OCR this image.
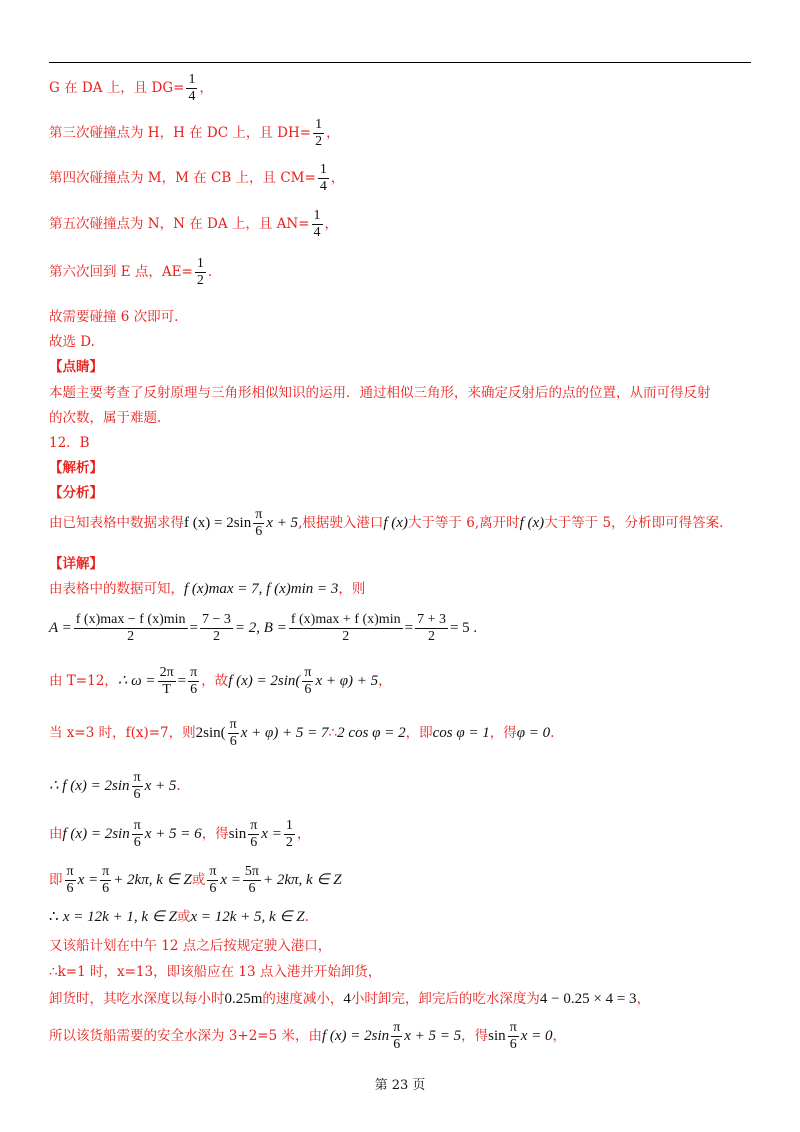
G 在 DA 上，且 $DG= \frac{1}{4}$ ，
第三次碰撞点为 H，H 在 DC 上，且 $DH= \frac{1}{2}$ ，
第四次碰撞点为 M，M 在 CB 上，且 $CM= \frac{1}{4}$ ，
第五次碰撞点为 N，N 在 DA 上，且 $AN= \frac{1}{4}$ ，
第六次回到 E 点，$AE= \frac{1}{2}$ .
故需要碰撞 6 次即可.
故选 D.
【点睛】
本题主要考查了反射原理与三角形相似知识的运用．通过相似三角形，来确定反射后的点的位置，从而可得反射
的次数，属于难题.
12．B
【解析】
【分析】
由已知表格中数据求得f $(x) = 2\sin \frac{\pi}{6}$ x + 5,根据驶入港口f (x)大于等于 6,离开时f (x)大于等于 5，分析即可得答案.
【详解】
由表格中的数据可知，f (x)max = 7, f (x)min = 3，则
$A = \frac{f (x)\max - f (x)\min}{2} = \frac{7 - 3}{2} = 2$, $B = \frac{f (x)\max + f (x)\min}{2} = \frac{7 + 3}{2} = 5$ .
由 T=12，∴ $\omega = \frac{2\pi}{T} = \frac{\pi}{6}$ ，故f $(x) = 2\sin( \frac{\pi}{6}$ x + φ) + 5，
当 x=3 时，f(x)=7，则$2\sin( \frac{\pi}{6}$ x + φ) + 5 = 7∴2 cos φ = 2，即cos φ = 1，得φ = 0.
∴ f $(x) = 2\sin \frac{\pi}{6}$ x + 5.
由f $(x) = 2\sin \frac{\pi}{6}$ x + 5 = 6，得$\sin \frac{\pi}{6}$ $x = \frac{1}{2}$ ，
即 $\frac{\pi}{6}$ $x = \frac{\pi}{6} + 2k\pi$, k ∈ Z或 $\frac{\pi}{6}$ $x = \frac{5\pi}{6} + 2k\pi$, k ∈ Z
∴ x = 12k + 1, k ∈ Z或x = 12k + 5, k ∈ Z.
又该船计划在中午 12 点之后按规定驶入港口，
∴k=1 时，x=13，即该船应在 13 点入港并开始卸货，
卸货时，其吃水深度以每小时0.25m的速度减小，4小时卸完，卸完后的吃水深度为4 − 0.25 × 4 = 3，
所以该货船需要的安全水深为 3+2=5 米，由f $(x) = 2\sin \frac{\pi}{6}$ x + 5 = 5，得$\sin \frac{\pi}{6}$ x = 0，
第 23 页
